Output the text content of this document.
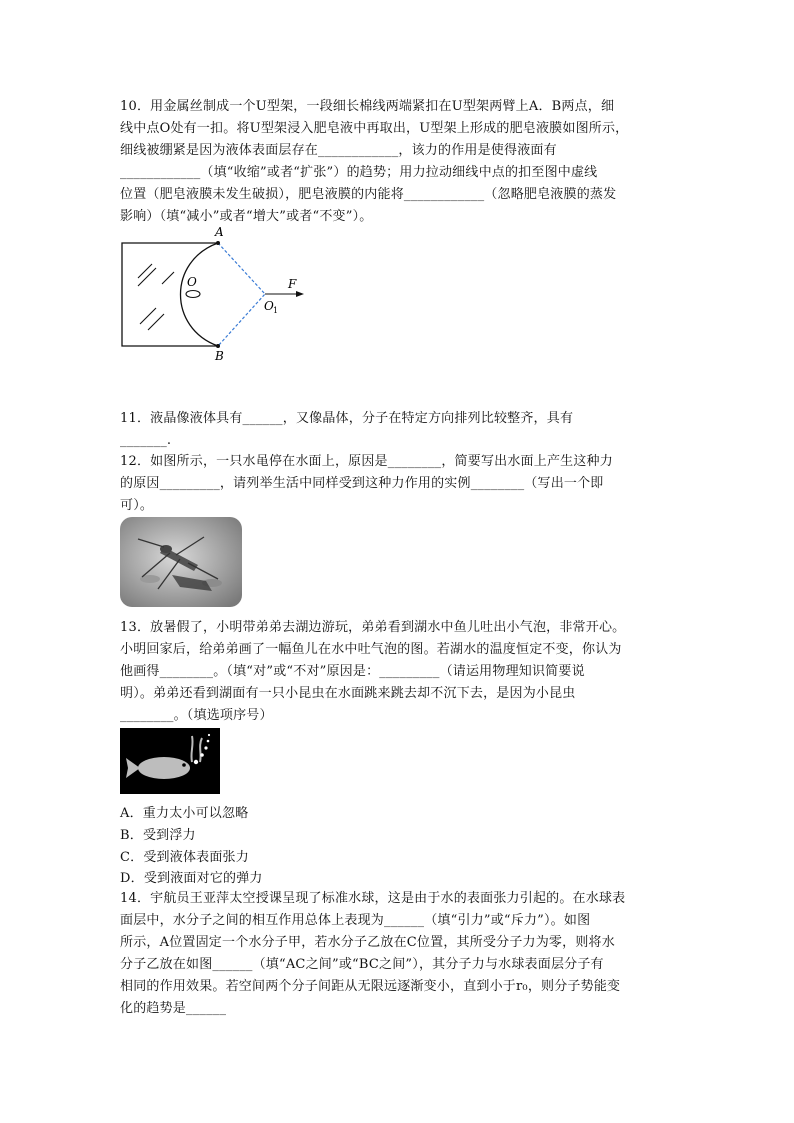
10．用金属丝制成一个U型架，一段细长棉线两端紧扣在U型架两臂上A．B两点，细
线中点O处有一扣。将U型架浸入肥皂液中再取出，U型架上形成的肥皂液膜如图所示，
细线被绷紧是因为液体表面层存在____________，该力的作用是使得液面有
____________（填“收缩”或者“扩张”）的趋势；用力拉动细线中点的扣至图中虚线
位置（肥皂液膜未发生破损），肥皂液膜的内能将____________（忽略肥皂液膜的蒸发
影响）（填“减小”或者“增大”或者“不变”）。
A
B
O
O 1
F
11．液晶像液体具有______，又像晶体，分子在特定方向排列比较整齐，具有
_______.
12．如图所示，一只水黾停在水面上，原因是________，简要写出水面上产生这种力
的原因_________，请列举生活中同样受到这种力作用的实例________（写出一个即
可）。
13．放暑假了，小明带弟弟去湖边游玩，弟弟看到湖水中鱼儿吐出小气泡，非常开心。
小明回家后，给弟弟画了一幅鱼儿在水中吐气泡的图。若湖水的温度恒定不变，你认为
他画得________。（填“对”或“不对”原因是：_________（请运用物理知识简要说
明）。弟弟还看到湖面有一只小昆虫在水面跳来跳去却不沉下去，是因为小昆虫
________。（填选项序号）
A．重力太小可以忽略
B．受到浮力
C．受到液体表面张力
D．受到液面对它的弹力
14．宇航员王亚萍太空授课呈现了标准水球，这是由于水的表面张力引起的。在水球表
面层中，水分子之间的相互作用总体上表现为______（填“引力”或“斥力”）。如图
所示，A位置固定一个水分子甲，若水分子乙放在C位置，其所受分子力为零，则将水
分子乙放在如图______（填“AC之间”或“BC之间”），其分子力与水球表面层分子有
相同的作用效果。若空间两个分子间距从无限远逐渐变小，直到小于r₀，则分子势能变
化的趋势是______
